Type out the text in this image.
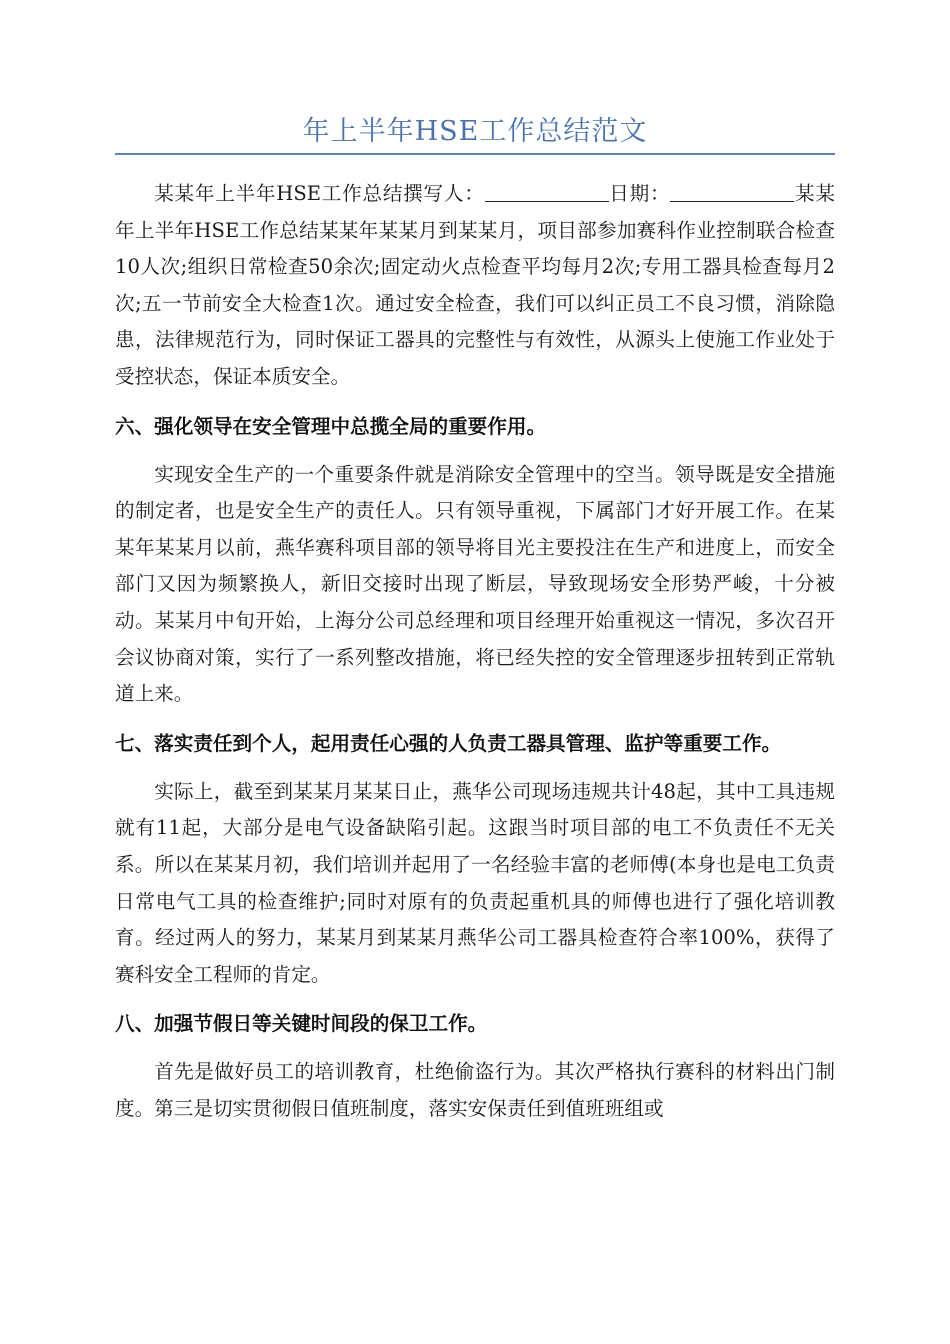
年上半年HSE工作总结范文

某某年上半年HSE工作总结撰写人：	日期：	某某年上半年HSE工作总结某某年某某月到某某月，项目部参加赛科作业控制联合检查10人次;组织日常检查50余次;固定动火点检查平均每月2次;专用工器具检查每月2次;五一节前安全大检查1次。通过安全检查，我们可以纠正员工不良习惯，消除隐患，法律规范行为，同时保证工器具的完整性与有效性，从源头上使施工作业处于受控状态，保证本质安全。

六、强化领导在安全管理中总揽全局的重要作用。

实现安全生产的一个重要条件就是消除安全管理中的空当。领导既是安全措施的制定者，也是安全生产的责任人。只有领导重视，下属部门才好开展工作。在某某年某某月以前，燕华赛科项目部的领导将目光主要投注在生产和进度上，而安全部门又因为频繁换人，新旧交接时出现了断层，导致现场安全形势严峻，十分被动。某某月中旬开始，上海分公司总经理和项目经理开始重视这一情况，多次召开会议协商对策，实行了一系列整改措施，将已经失控的安全管理逐步扭转到正常轨道上来。

七、落实责任到个人，起用责任心强的人负责工器具管理、监护等重要工作。

实际上，截至到某某月某某日止，燕华公司现场违规共计48起，其中工具违规就有11起，大部分是电气设备缺陷引起。这跟当时项目部的电工不负责任不无关系。所以在某某月初，我们培训并起用了一名经验丰富的老师傅(本身也是电工负责日常电气工具的检查维护;同时对原有的负责起重机具的师傅也进行了强化培训教育。经过两人的努力，某某月到某某月燕华公司工器具检查符合率100%，获得了赛科安全工程师的肯定。

八、加强节假日等关键时间段的保卫工作。

首先是做好员工的培训教育，杜绝偷盗行为。其次严格执行赛科的材料出门制度。第三是切实贯彻假日值班制度，落实安保责任到值班班组或
